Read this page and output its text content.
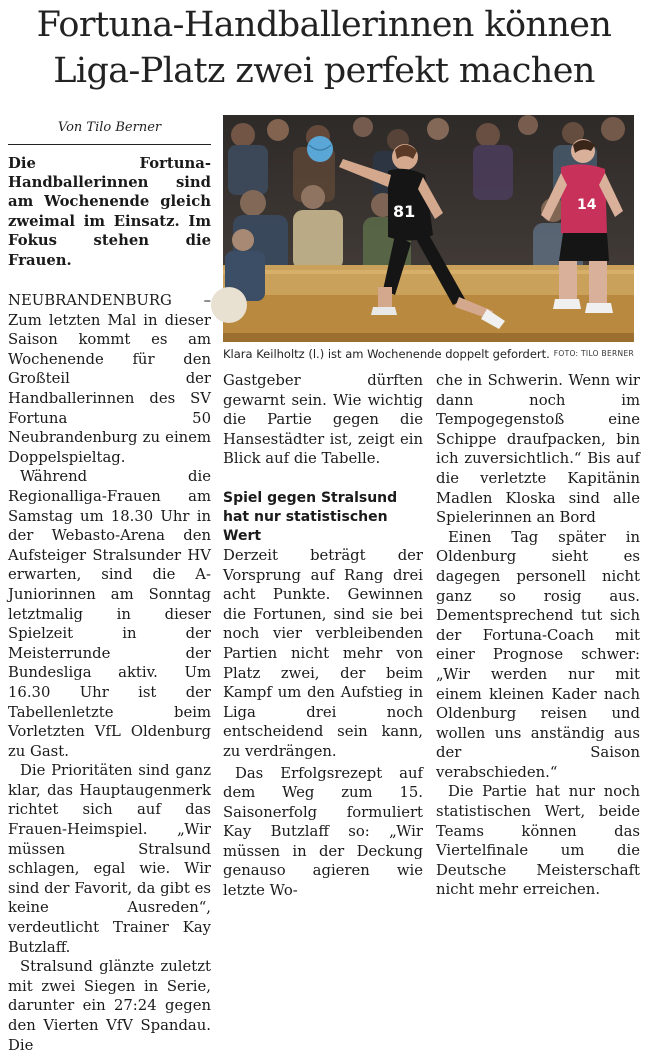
Fortuna-Handballerinnen können
Liga-Platz zwei perfekt machen
Von Tilo Berner

Die Fortuna-Handballerinnen sind am Wochenende gleich zweimal im Einsatz. Im Fokus stehen die Frauen.

NEUBRANDENBURG – Zum letzten Mal in dieser Saison kommt es am Wochenende für den Großteil der Handballerinnen des SV Fortuna 50 Neubrandenburg zu einem Doppelspieltag.

Während die Regionalliga-Frauen am Samstag um 18.30 Uhr in der Webasto-Arena den Aufsteiger Stralsunder HV erwarten, sind die A-Juniorinnen am Sonntag letztmalig in dieser Spielzeit in der Meisterrunde der Bundesliga aktiv. Um 16.30 Uhr ist der Tabellenletzte beim Vorletzten VfL Oldenburg zu Gast.

Die Prioritäten sind ganz klar, das Hauptaugenmerk richtet sich auf das Frauen-Heimspiel. „Wir müssen Stralsund schlagen, egal wie. Wir sind der Favorit, da gibt es keine Ausreden“, verdeutlicht Trainer Kay Butzlaff.

Stralsund glänzte zuletzt mit zwei Siegen in Serie, darunter ein 27:24 gegen den Vierten VfV Spandau. Die

81	14
Klara Keilholtz (l.) ist am Wochenende doppelt gefordert. FOTO: TILO BERNER

Gastgeber dürften gewarnt sein. Wie wichtig die Partie gegen die Hansestädter ist, zeigt ein Blick auf die Tabelle.

Spiel gegen Stralsund hat nur statistischen Wert

Derzeit beträgt der Vorsprung auf Rang drei acht Punkte. Gewinnen die Fortunen, sind sie bei noch vier verbleibenden Partien nicht mehr von Platz zwei, der beim Kampf um den Aufstieg in Liga drei noch entscheidend sein kann, zu verdrängen.

Das Erfolgsrezept auf dem Weg zum 15. Saisonerfolg formuliert Kay Butzlaff so: „Wir müssen in der Deckung genauso agieren wie letzte Wo-

che in Schwerin. Wenn wir dann noch im Tempogegenstoß eine Schippe draufpacken, bin ich zuversichtlich.“ Bis auf die verletzte Kapitänin Madlen Kloska sind alle Spielerinnen an Bord

Einen Tag später in Oldenburg sieht es dagegen personell nicht ganz so rosig aus. Dementsprechend tut sich der Fortuna-Coach mit einer Prognose schwer: „Wir werden nur mit einem kleinen Kader nach Oldenburg reisen und wollen uns anständig aus der Saison verabschieden.“

Die Partie hat nur noch statistischen Wert, beide Teams können das Viertelfinale um die Deutsche Meisterschaft nicht mehr erreichen.
